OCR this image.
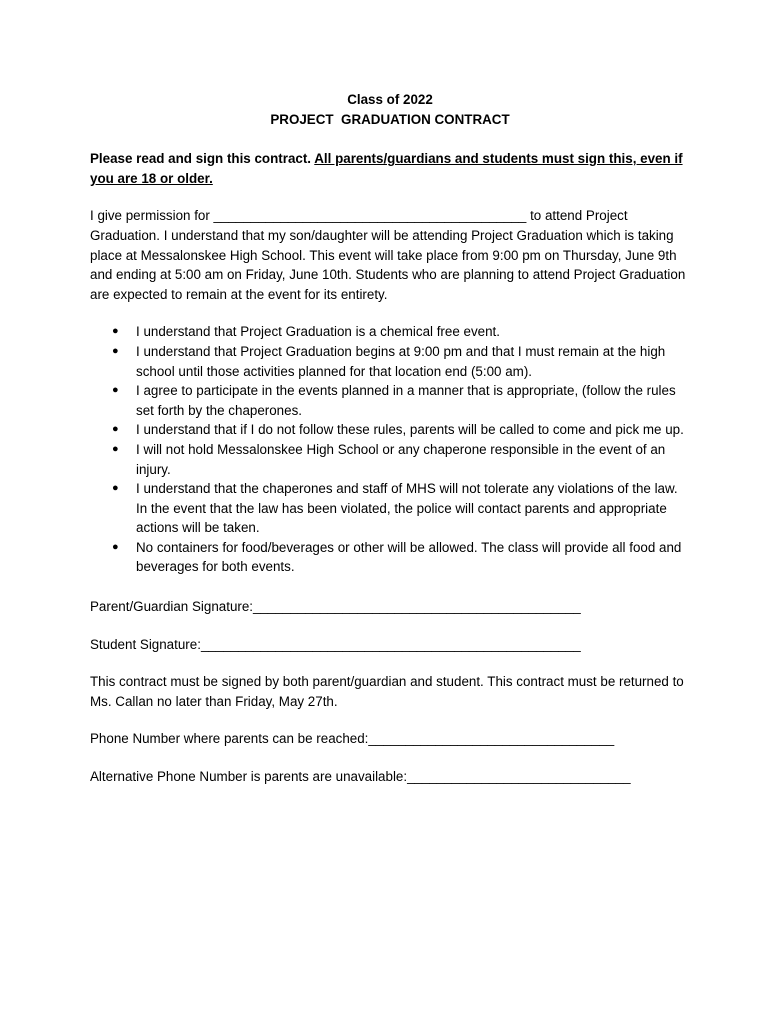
Class of 2022
PROJECT  GRADUATION CONTRACT

Please read and sign this contract. All parents/guardians and students must sign this, even if you are 18 or older.

I give permission for __________________________________________ to attend Project Graduation. I understand that my son/daughter will be attending Project Graduation which is taking place at Messalonskee High School. This event will take place from 9:00 pm on Thursday, June 9th and ending at 5:00 am on Friday, June 10th. Students who are planning to attend Project Graduation are expected to remain at the event for its entirety.

● I understand that Project Graduation is a chemical free event.
● I understand that Project Graduation begins at 9:00 pm and that I must remain at the high school until those activities planned for that location end (5:00 am).
● I agree to participate in the events planned in a manner that is appropriate, (follow the rules set forth by the chaperones.
● I understand that if I do not follow these rules, parents will be called to come and pick me up.
● I will not hold Messalonskee High School or any chaperone responsible in the event of an injury.
● I understand that the chaperones and staff of MHS will not tolerate any violations of the law. In the event that the law has been violated, the police will contact parents and appropriate actions will be taken.
● No containers for food/beverages or other will be allowed. The class will provide all food and beverages for both events.

Parent/Guardian Signature:____________________________________________

Student Signature:___________________________________________________

This contract must be signed by both parent/guardian and student. This contract must be returned to Ms. Callan no later than Friday, May 27th.

Phone Number where parents can be reached:_________________________________

Alternative Phone Number is parents are unavailable:______________________________
